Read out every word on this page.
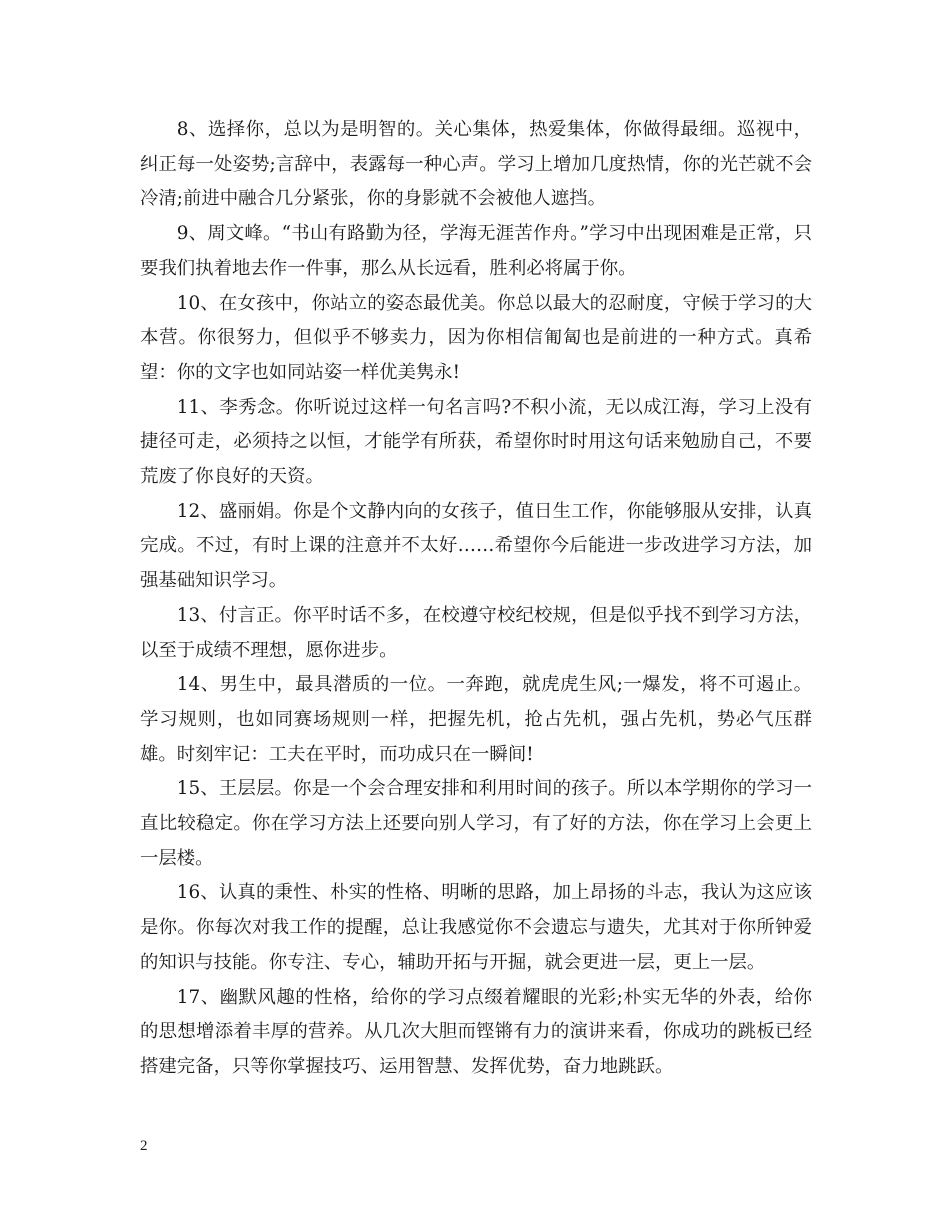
8、选择你，总以为是明智的。关心集体，热爱集体，你做得最细。巡视中，纠正每一处姿势;言辞中，表露每一种心声。学习上增加几度热情，你的光芒就不会冷清;前进中融合几分紧张，你的身影就不会被他人遮挡。

9、周文峰。“书山有路勤为径，学海无涯苦作舟。”学习中出现困难是正常，只要我们执着地去作一件事，那么从长远看，胜利必将属于你。

10、在女孩中，你站立的姿态最优美。你总以最大的忍耐度，守候于学习的大本营。你很努力，但似乎不够卖力，因为你相信匍匐也是前进的一种方式。真希望：你的文字也如同站姿一样优美隽永!

11、李秀念。你听说过这样一句名言吗?不积小流，无以成江海，学习上没有捷径可走，必须持之以恒，才能学有所获，希望你时时用这句话来勉励自己，不要荒废了你良好的天资。

12、盛丽娟。你是个文静内向的女孩子，值日生工作，你能够服从安排，认真完成。不过，有时上课的注意并不太好……希望你今后能进一步改进学习方法，加强基础知识学习。

13、付言正。你平时话不多，在校遵守校纪校规，但是似乎找不到学习方法，以至于成绩不理想，愿你进步。

14、男生中，最具潜质的一位。一奔跑，就虎虎生风;一爆发，将不可遏止。学习规则，也如同赛场规则一样，把握先机，抢占先机，强占先机，势必气压群雄。时刻牢记：工夫在平时，而功成只在一瞬间!

15、王层层。你是一个会合理安排和利用时间的孩子。所以本学期你的学习一直比较稳定。你在学习方法上还要向别人学习，有了好的方法，你在学习上会更上一层楼。

16、认真的秉性、朴实的性格、明晰的思路，加上昂扬的斗志，我认为这应该是你。你每次对我工作的提醒，总让我感觉你不会遗忘与遗失，尤其对于你所钟爱的知识与技能。你专注、专心，辅助开拓与开掘，就会更进一层，更上一层。

17、幽默风趣的性格，给你的学习点缀着耀眼的光彩;朴实无华的外表，给你的思想增添着丰厚的营养。从几次大胆而铿锵有力的演讲来看，你成功的跳板已经搭建完备，只等你掌握技巧、运用智慧、发挥优势，奋力地跳跃。

2
